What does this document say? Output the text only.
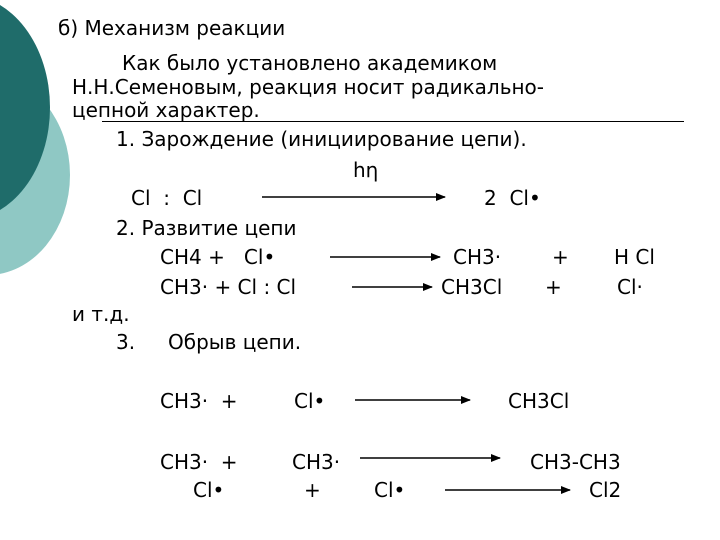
б) Механизм реакции
Как было установлено академиком
Н.Н.Семеновым, реакция носит радикально-
цепной характер.
1. Зарождение (инициирование цепи).
hη
Cl  :  Cl	2  Cl•
2. Развитие цепи
CH4 +   Cl•	CH3·	+ H Cl
CH3· + Cl : Cl	CH3Cl +	Cl·
и т.д.
3. Обрыв цепи.
CH3·  +	Cl•	CH3Cl
CH3·  +	CH3·	CH3-CH3
Cl•	+	Cl•	Cl2
